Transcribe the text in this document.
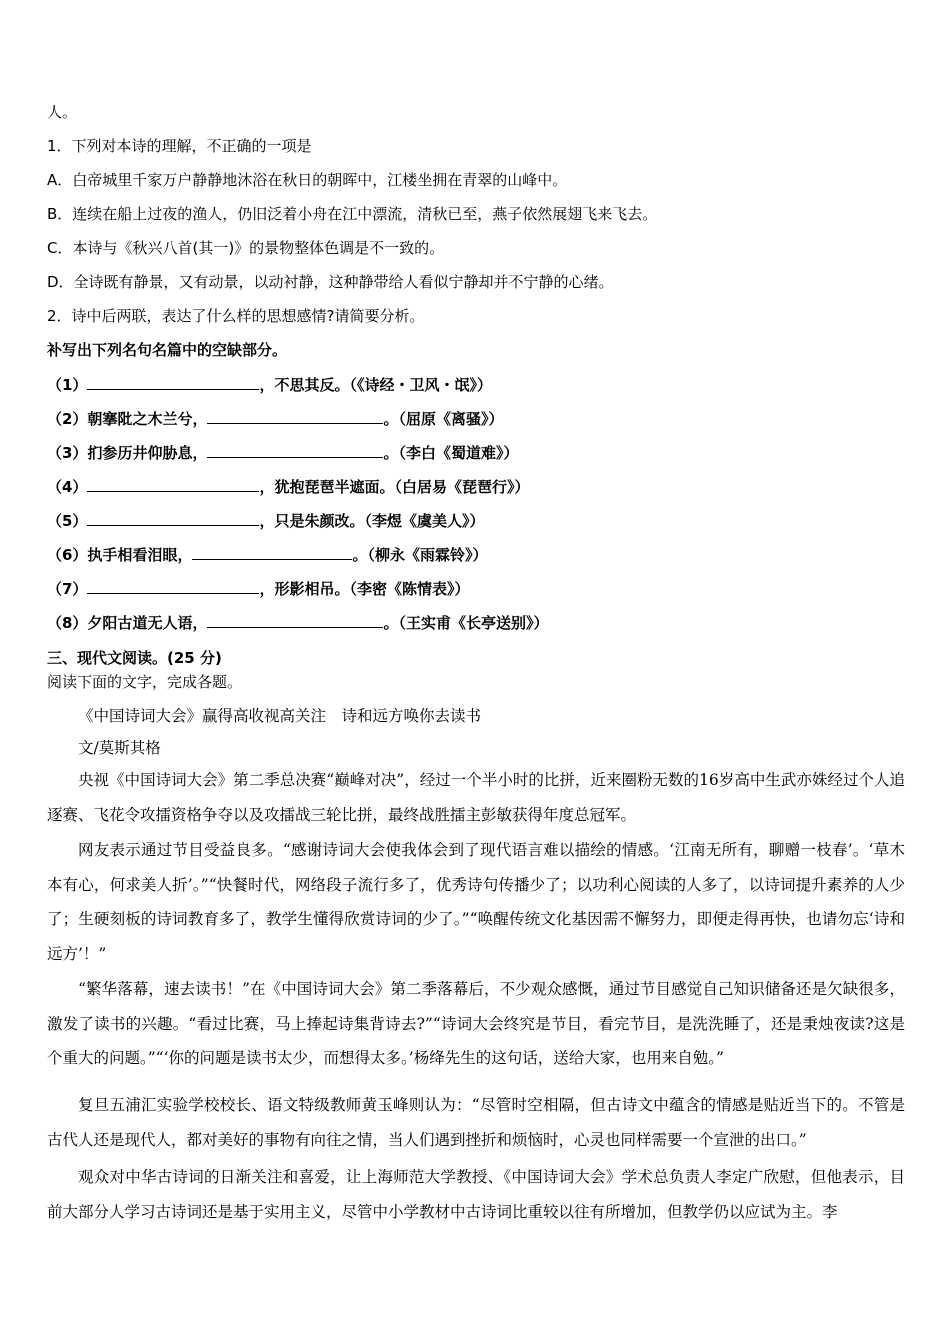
人。
1．下列对本诗的理解，不正确的一项是
A．白帝城里千家万户静静地沐浴在秋日的朝晖中，江楼坐拥在青翠的山峰中。
B．连续在船上过夜的渔人，仍旧泛着小舟在江中漂流，清秋已至，燕子依然展翅飞来飞去。
C．本诗与《秋兴八首(其一)》的景物整体色调是不一致的。
D．全诗既有静景，又有动景，以动衬静，这种静带给人看似宁静却并不宁静的心绪。
2．诗中后两联，表达了什么样的思想感情?请简要分析。
补写出下列名句名篇中的空缺部分。
（1）	，不思其反。（《诗经・卫风・氓》）
（2）朝搴阰之木兰兮，	。（屈原《离骚》）
（3）扪参历井仰胁息，	。（李白《蜀道难》）
（4）	，犹抱琵琶半遮面。（白居易《琵琶行》）
（5）	，只是朱颜改。（李煜《虞美人》）
（6）执手相看泪眼，	。（柳永《雨霖铃》）
（7）	，形影相吊。（李密《陈情表》）
（8）夕阳古道无人语，	。（王实甫《长亭送别》）
三、现代文阅读。(25 分)
阅读下面的文字，完成各题。
《中国诗词大会》赢得高收视高关注　诗和远方唤你去读书
文/莫斯其格
央视《中国诗词大会》第二季总决赛“巅峰对决”，经过一个半小时的比拼，近来圈粉无数的16岁高中生武亦姝经过个人追逐赛、飞花令攻擂资格争夺以及攻擂战三轮比拼，最终战胜擂主彭敏获得年度总冠军。
网友表示通过节目受益良多。“感谢诗词大会使我体会到了现代语言难以描绘的情感。‘江南无所有，聊赠一枝春’。‘草木本有心，何求美人折’。”“快餐时代，网络段子流行多了，优秀诗句传播少了；以功利心阅读的人多了，以诗词提升素养的人少了；生硬刻板的诗词教育多了，教学生懂得欣赏诗词的少了。”“唤醒传统文化基因需不懈努力，即便走得再快，也请勿忘‘诗和远方’！”
“繁华落幕，速去读书！”在《中国诗词大会》第二季落幕后，不少观众感慨，通过节目感觉自己知识储备还是欠缺很多，激发了读书的兴趣。“看过比赛，马上捧起诗集背诗去?”“诗词大会终究是节目，看完节目，是洗洗睡了，还是秉烛夜读?这是个重大的问题。”“‘你的问题是读书太少，而想得太多。’杨绛先生的这句话，送给大家，也用来自勉。”
复旦五浦汇实验学校校长、语文特级教师黄玉峰则认为：“尽管时空相隔，但古诗文中蕴含的情感是贴近当下的。不管是古代人还是现代人，都对美好的事物有向往之情，当人们遇到挫折和烦恼时，心灵也同样需要一个宣泄的出口。”
观众对中华古诗词的日渐关注和喜爱，让上海师范大学教授、《中国诗词大会》学术总负责人李定广欣慰，但他表示，目前大部分人学习古诗词还是基于实用主义，尽管中小学教材中古诗词比重较以往有所增加，但教学仍以应试为主。李
